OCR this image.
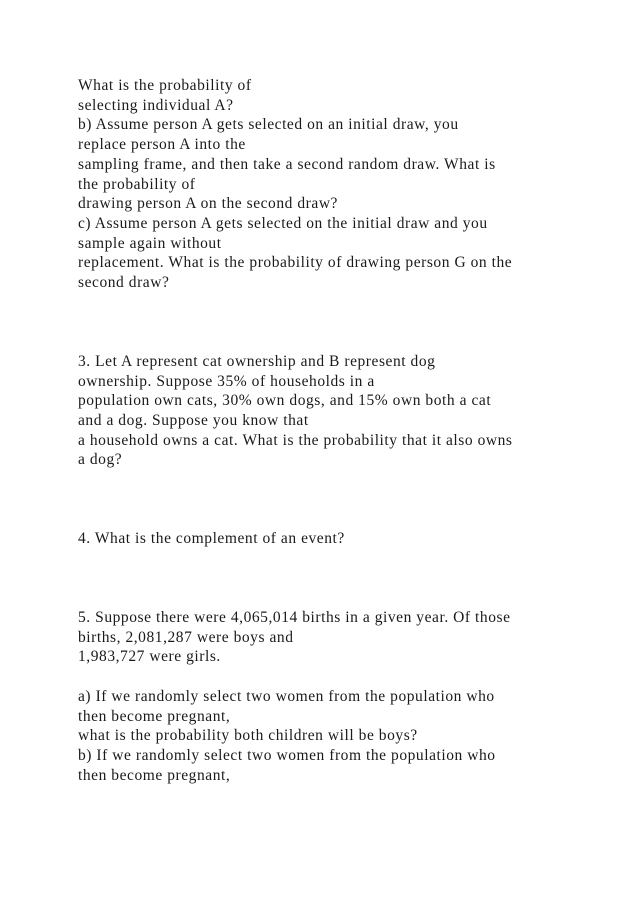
What is the probability of
selecting individual A?
b) Assume person A gets selected on an initial draw, you
replace person A into the
sampling frame, and then take a second random draw. What is
the probability of
drawing person A on the second draw?
c) Assume person A gets selected on the initial draw and you
sample again without
replacement. What is the probability of drawing person G on the
second draw?

3. Let A represent cat ownership and B represent dog
ownership. Suppose 35% of households in a
population own cats, 30% own dogs, and 15% own both a cat
and a dog. Suppose you know that
a household owns a cat. What is the probability that it also owns
a dog?

4. What is the complement of an event?

5. Suppose there were 4,065,014 births in a given year. Of those
births, 2,081,287 were boys and
1,983,727 were girls.

a) If we randomly select two women from the population who
then become pregnant,
what is the probability both children will be boys?
b) If we randomly select two women from the population who
then become pregnant,
